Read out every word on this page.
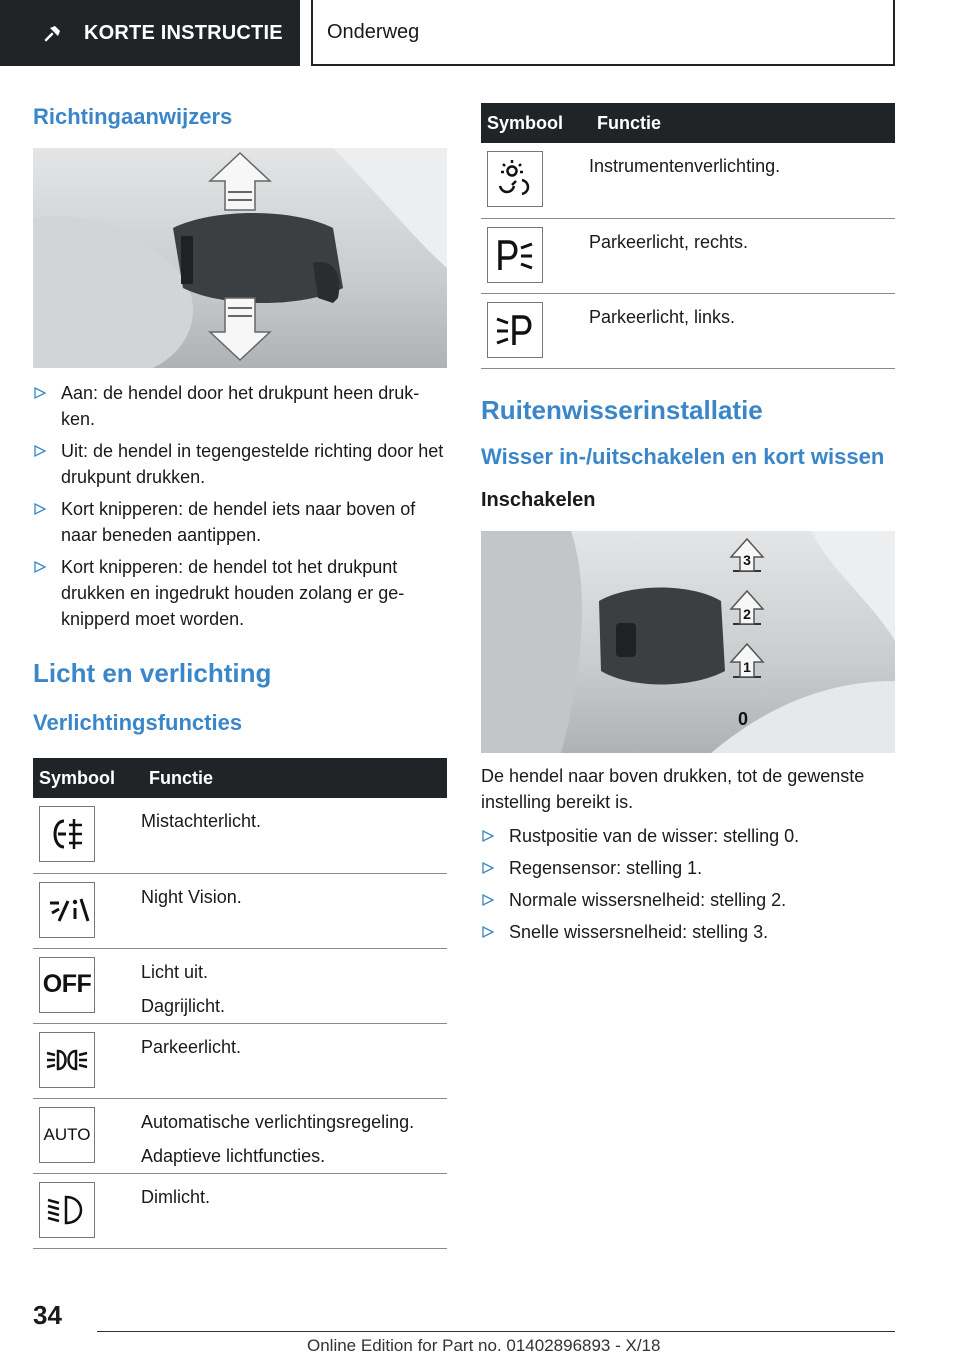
KORTE INSTRUCTIE Onderweg
Richtingaanwijzers
Aan: de hendel door het drukpunt heen druk-ken.
Uit: de hendel in tegengestelde richting door het drukpunt drukken.
Kort knipperen: de hendel iets naar boven of naar beneden aantippen.
Kort knipperen: de hendel tot het drukpunt drukken en ingedrukt houden zolang er ge-knipperd moet worden.
Licht en verlichting
Verlichtingsfuncties
Symbool	Functie

Mistachterlicht.

Night Vision.

OFF	Licht uit.
Dagrijlicht.

Parkeerlicht.

AUTO	Automatische verlichtingsregeling.
Adaptieve lichtfuncties.

Dimlicht.
Symbool	Functie

Instrumentenverlichting.

Parkeerlicht, rechts.

Parkeerlicht, links.
Ruitenwisserinstallatie
Wisser in-/uitschakelen en kort wissen
Inschakelen
3
2
1
0

De hendel naar boven drukken, tot de gewenste instelling bereikt is.

Rustpositie van de wisser: stelling 0.
Regensensor: stelling 1.
Normale wissersnelheid: stelling 2.
Snelle wissersnelheid: stelling 3.
34
Online Edition for Part no. 01402896893 - X/18
